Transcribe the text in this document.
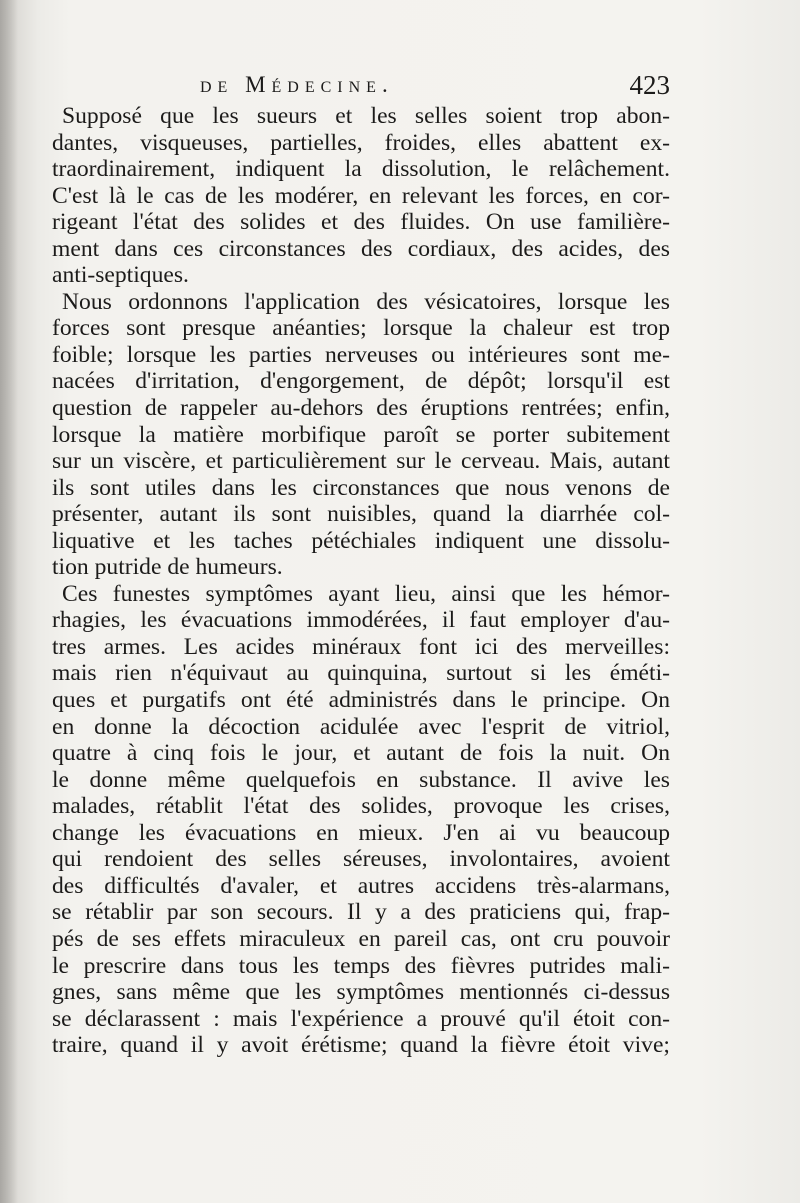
de Médecine.	423
Supposé que les sueurs et les selles soient trop abon-
dantes, visqueuses, partielles, froides, elles abattent ex-
traordinairement, indiquent la dissolution, le relâchement.
C'est là le cas de les modérer, en relevant les forces, en cor-
rigeant l'état des solides et des fluides. On use familière-
ment dans ces circonstances des cordiaux, des acides, des
anti-septiques.
Nous ordonnons l'application des vésicatoires, lorsque les
forces sont presque anéanties; lorsque la chaleur est trop
foible; lorsque les parties nerveuses ou intérieures sont me-
nacées d'irritation, d'engorgement, de dépôt; lorsqu'il est
question de rappeler au-dehors des éruptions rentrées; enfin,
lorsque la matière morbifique paroît se porter subitement
sur un viscère, et particulièrement sur le cerveau. Mais, autant
ils sont utiles dans les circonstances que nous venons de
présenter, autant ils sont nuisibles, quand la diarrhée col-
liquative et les taches pétéchiales indiquent une dissolu-
tion putride de humeurs.
Ces funestes symptômes ayant lieu, ainsi que les hémor-
rhagies, les évacuations immodérées, il faut employer d'au-
tres armes. Les acides minéraux font ici des merveilles:
mais rien n'équivaut au quinquina, surtout si les éméti-
ques et purgatifs ont été administrés dans le principe. On
en donne la décoction acidulée avec l'esprit de vitriol,
quatre à cinq fois le jour, et autant de fois la nuit. On
le donne même quelquefois en substance. Il avive les
malades, rétablit l'état des solides, provoque les crises,
change les évacuations en mieux. J'en ai vu beaucoup
qui rendoient des selles séreuses, involontaires, avoient
des difficultés d'avaler, et autres accidens très-alarmans,
se rétablir par son secours. Il y a des praticiens qui, frap-
pés de ses effets miraculeux en pareil cas, ont cru pouvoir
le prescrire dans tous les temps des fièvres putrides mali-
gnes, sans même que les symptômes mentionnés ci-dessus
se déclarassent : mais l'expérience a prouvé qu'il étoit con-
traire, quand il y avoit érétisme; quand la fièvre étoit vive;
